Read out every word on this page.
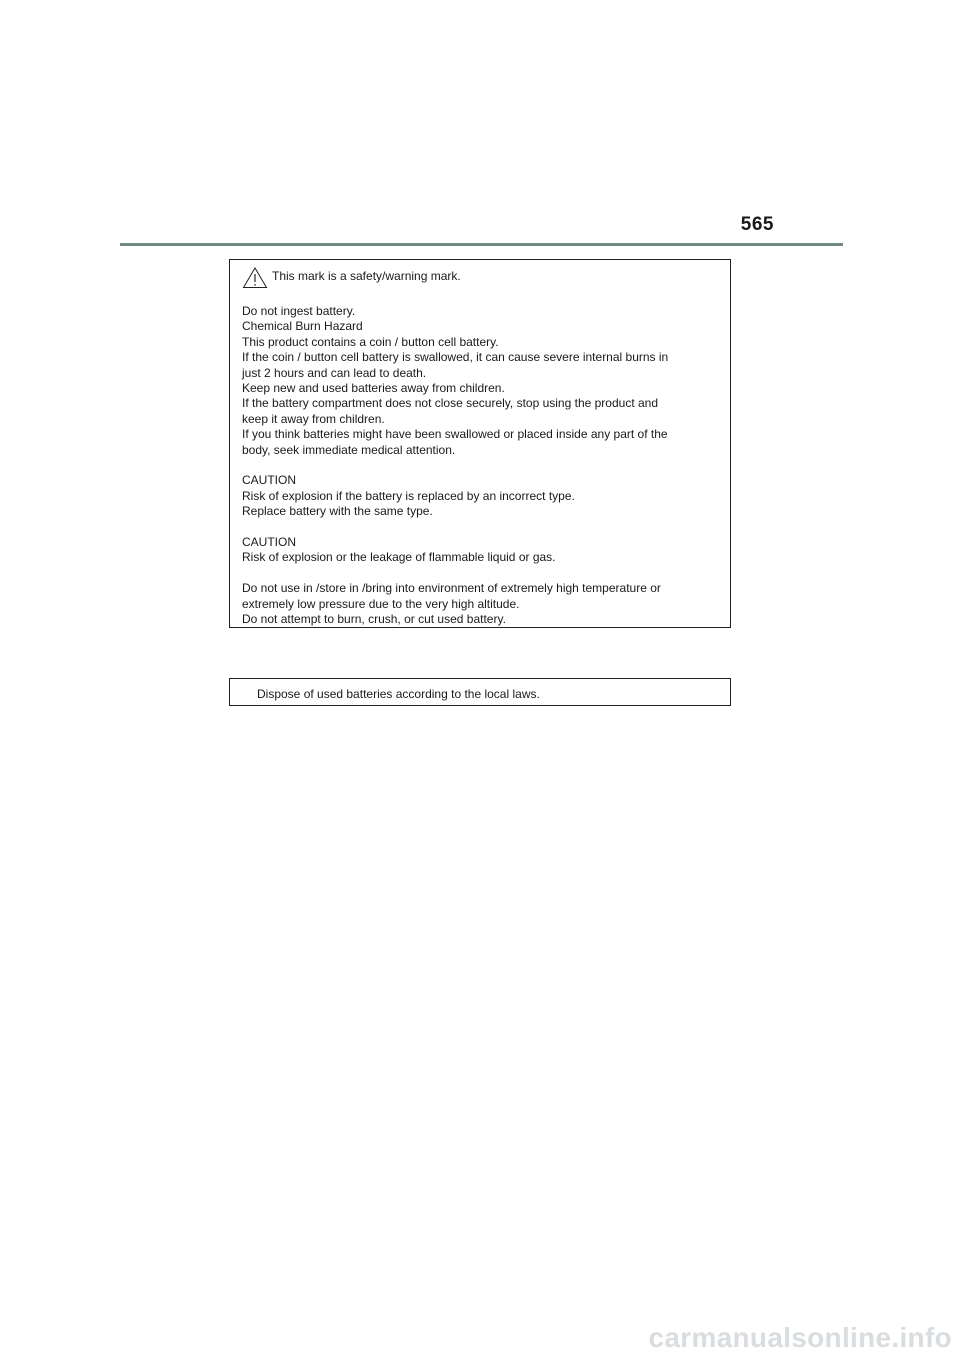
565
This mark is a safety/warning mark.
Do not ingest battery.
Chemical Burn Hazard
This product contains a coin / button cell battery.
If the coin / button cell battery is swallowed, it can cause severe internal burns in
just 2 hours and can lead to death.
Keep new and used batteries away from children.
If the battery compartment does not close securely, stop using the product and
keep it away from children.
If you think batteries might have been swallowed or placed inside any part of the
body, seek immediate medical attention.
CAUTION
Risk of explosion if the battery is replaced by an incorrect type.
Replace battery with the same type.
CAUTION
Risk of explosion or the leakage of flammable liquid or gas.
Do not use in /store in /bring into environment of extremely high temperature or
extremely low pressure due to the very high altitude.
Do not attempt to burn, crush, or cut used battery.
Dispose of used batteries according to the local laws.
carmanualsonline.info
